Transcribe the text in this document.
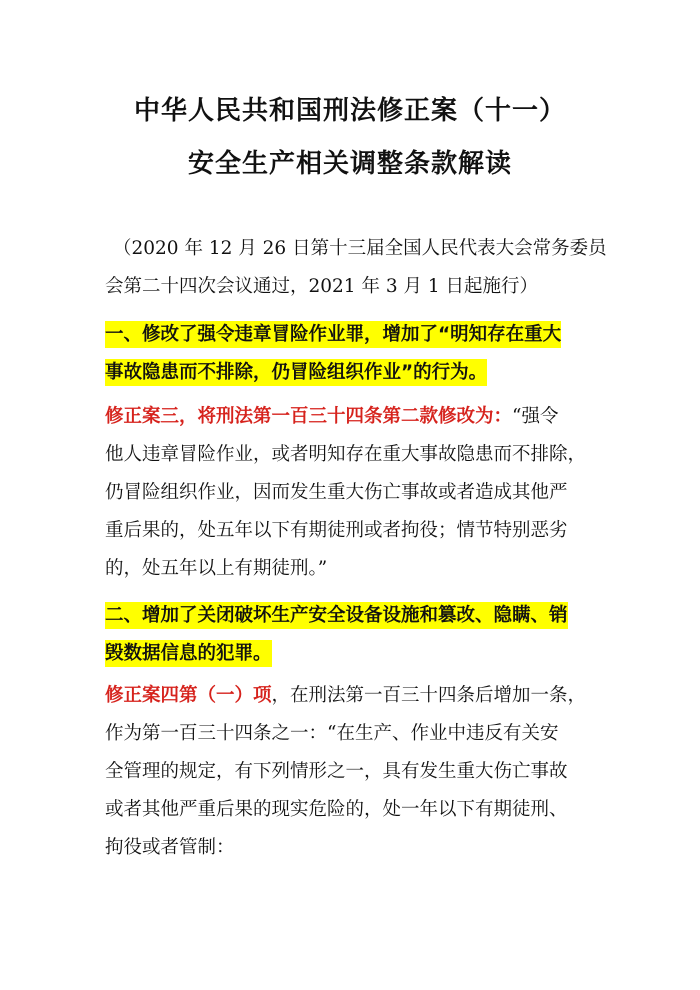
中华人民共和国刑法修正案（十一）
安全生产相关调整条款解读
（2020 年 12 月 26 日第十三届全国人民代表大会常务委员
会第二十四次会议通过，2021 年 3 月 1 日起施行）
一、修改了强令违章冒险作业罪，增加了“明知存在重大
事故隐患而不排除，仍冒险组织作业”的行为。
修正案三，将刑法第一百三十四条第二款修改为：“强令
他人违章冒险作业，或者明知存在重大事故隐患而不排除，
仍冒险组织作业，因而发生重大伤亡事故或者造成其他严
重后果的，处五年以下有期徒刑或者拘役；情节特别恶劣
的，处五年以上有期徒刑。”
二、增加了关闭破坏生产安全设备设施和篡改、隐瞒、销
毁数据信息的犯罪。
修正案四第（一）项，在刑法第一百三十四条后增加一条，
作为第一百三十四条之一：“在生产、作业中违反有关安
全管理的规定，有下列情形之一，具有发生重大伤亡事故
或者其他严重后果的现实危险的，处一年以下有期徒刑、
拘役或者管制：
